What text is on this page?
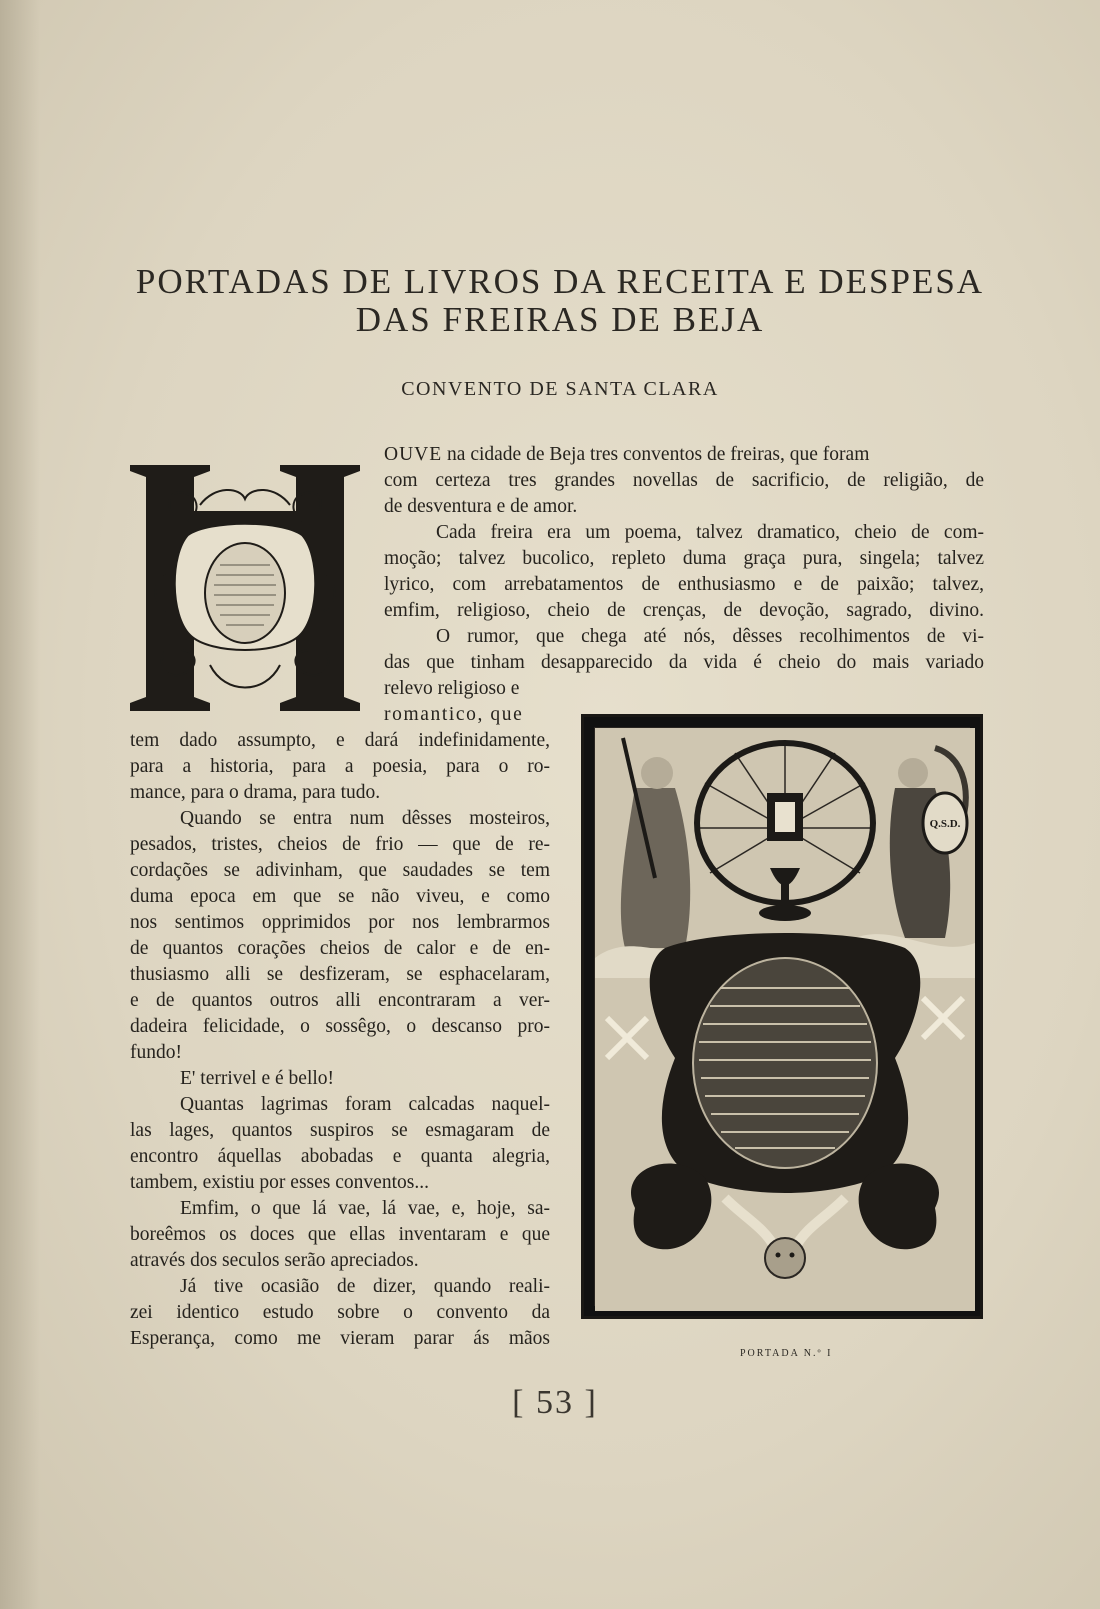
PORTADAS DE LIVROS DA RECEITA E DESPESA
DAS FREIRAS DE BEJA
CONVENTO DE SANTA CLARA
OUVE na cidade de Beja tres conventos de freiras, que foram
com certeza tres grandes novellas de sacrificio, de religião, de
de desventura e de amor.
Cada freira era um poema, talvez dramatico, cheio de com-
moção; talvez bucolico, repleto duma graça pura, singela; talvez
lyrico, com arrebatamentos de enthusiasmo e de paixão; talvez,
emfim, religioso, cheio de crenças, de devoção, sagrado, divino.
O rumor, que chega até nós, dêsses recolhimentos de vi-
das que tinham desapparecido da vida é cheio do mais variado
relevo religioso e
romantico, que
tem dado assumpto, e dará indefinidamente,
para a historia, para a poesia, para o ro-
mance, para o drama, para tudo.
Quando se entra num dêsses mosteiros,
pesados, tristes, cheios de frio — que de re-
cordações se adivinham, que saudades se tem
duma epoca em que se não viveu, e como
nos sentimos opprimidos por nos lembrarmos
de quantos corações cheios de calor e de en-
thusiasmo alli se desfizeram, se esphacelaram,
e de quantos outros alli encontraram a ver-
dadeira felicidade, o sossêgo, o descanso pro-
fundo!
E' terrivel e é bello!
Quantas lagrimas foram calcadas naquel-
las lages, quantos suspiros se esmagaram de
encontro áquellas abobadas e quanta alegria,
tambem, existiu por esses conventos...
Emfim, o que lá vae, lá vae, e, hoje, sa-
boreêmos os doces que ellas inventaram e que
através dos seculos serão apreciados.
Já tive ocasião de dizer, quando reali-
zei identico estudo sobre o convento da
Esperança, como me vieram parar ás mãos
Q.S.D.
PORTADA N.º I
[ 53 ]
